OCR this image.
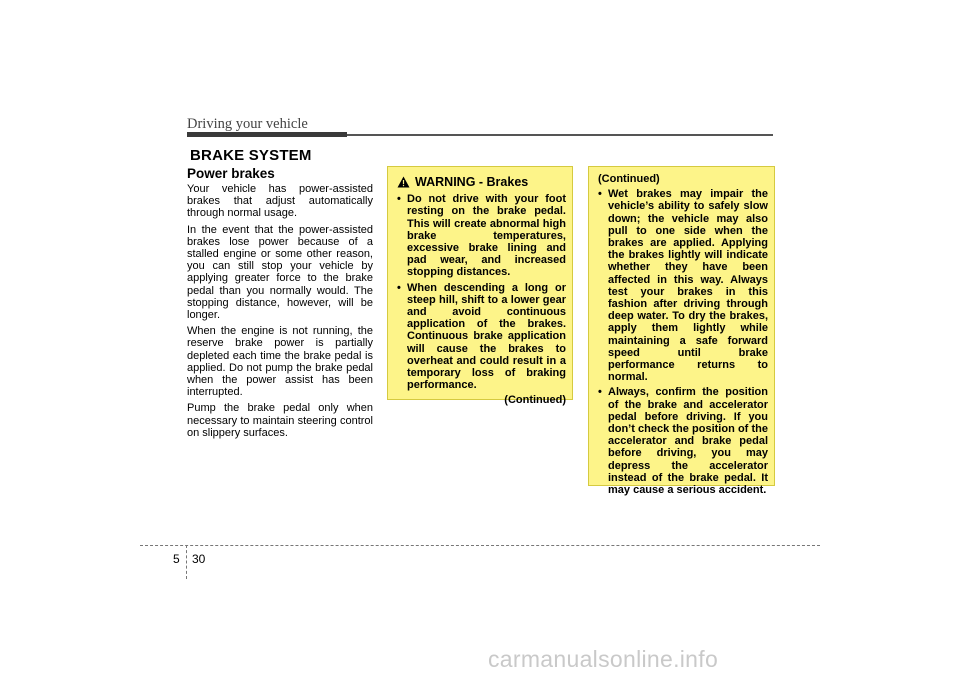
Driving your vehicle
BRAKE SYSTEM
Power brakes

Your vehicle has power-assisted brakes that adjust automatically through normal usage.

In the event that the power-assisted brakes lose power because of a stalled engine or some other reason, you can still stop your vehicle by applying greater force to the brake pedal than you normally would. The stopping distance, however, will be longer.

When the engine is not running, the reserve brake power is partially depleted each time the brake pedal is applied. Do not pump the brake pedal when the power assist has been interrupted.

Pump the brake pedal only when necessary to maintain steering control on slippery surfaces.

WARNING - Brakes
• Do not drive with your foot resting on the brake pedal. This will create abnormal high brake temperatures, excessive brake lining and pad wear, and increased stopping distances.
• When descending a long or steep hill, shift to a lower gear and avoid continuous application of the brakes. Continuous brake application will cause the brakes to overheat and could result in a temporary loss of braking performance.
(Continued)
(Continued)
• Wet brakes may impair the vehicle’s ability to safely slow down; the vehicle may also pull to one side when the brakes are applied. Applying the brakes lightly will indicate whether they have been affected in this way. Always test your brakes in this fashion after driving through deep water. To dry the brakes, apply them lightly while maintaining a safe forward speed until brake performance returns to normal.
• Always, confirm the position of the brake and accelerator pedal before driving. If you don’t check the position of the accelerator and brake pedal before driving, you may depress the accelerator instead of the brake pedal. It may cause a serious accident.
5 30
carmanualsonline.info
